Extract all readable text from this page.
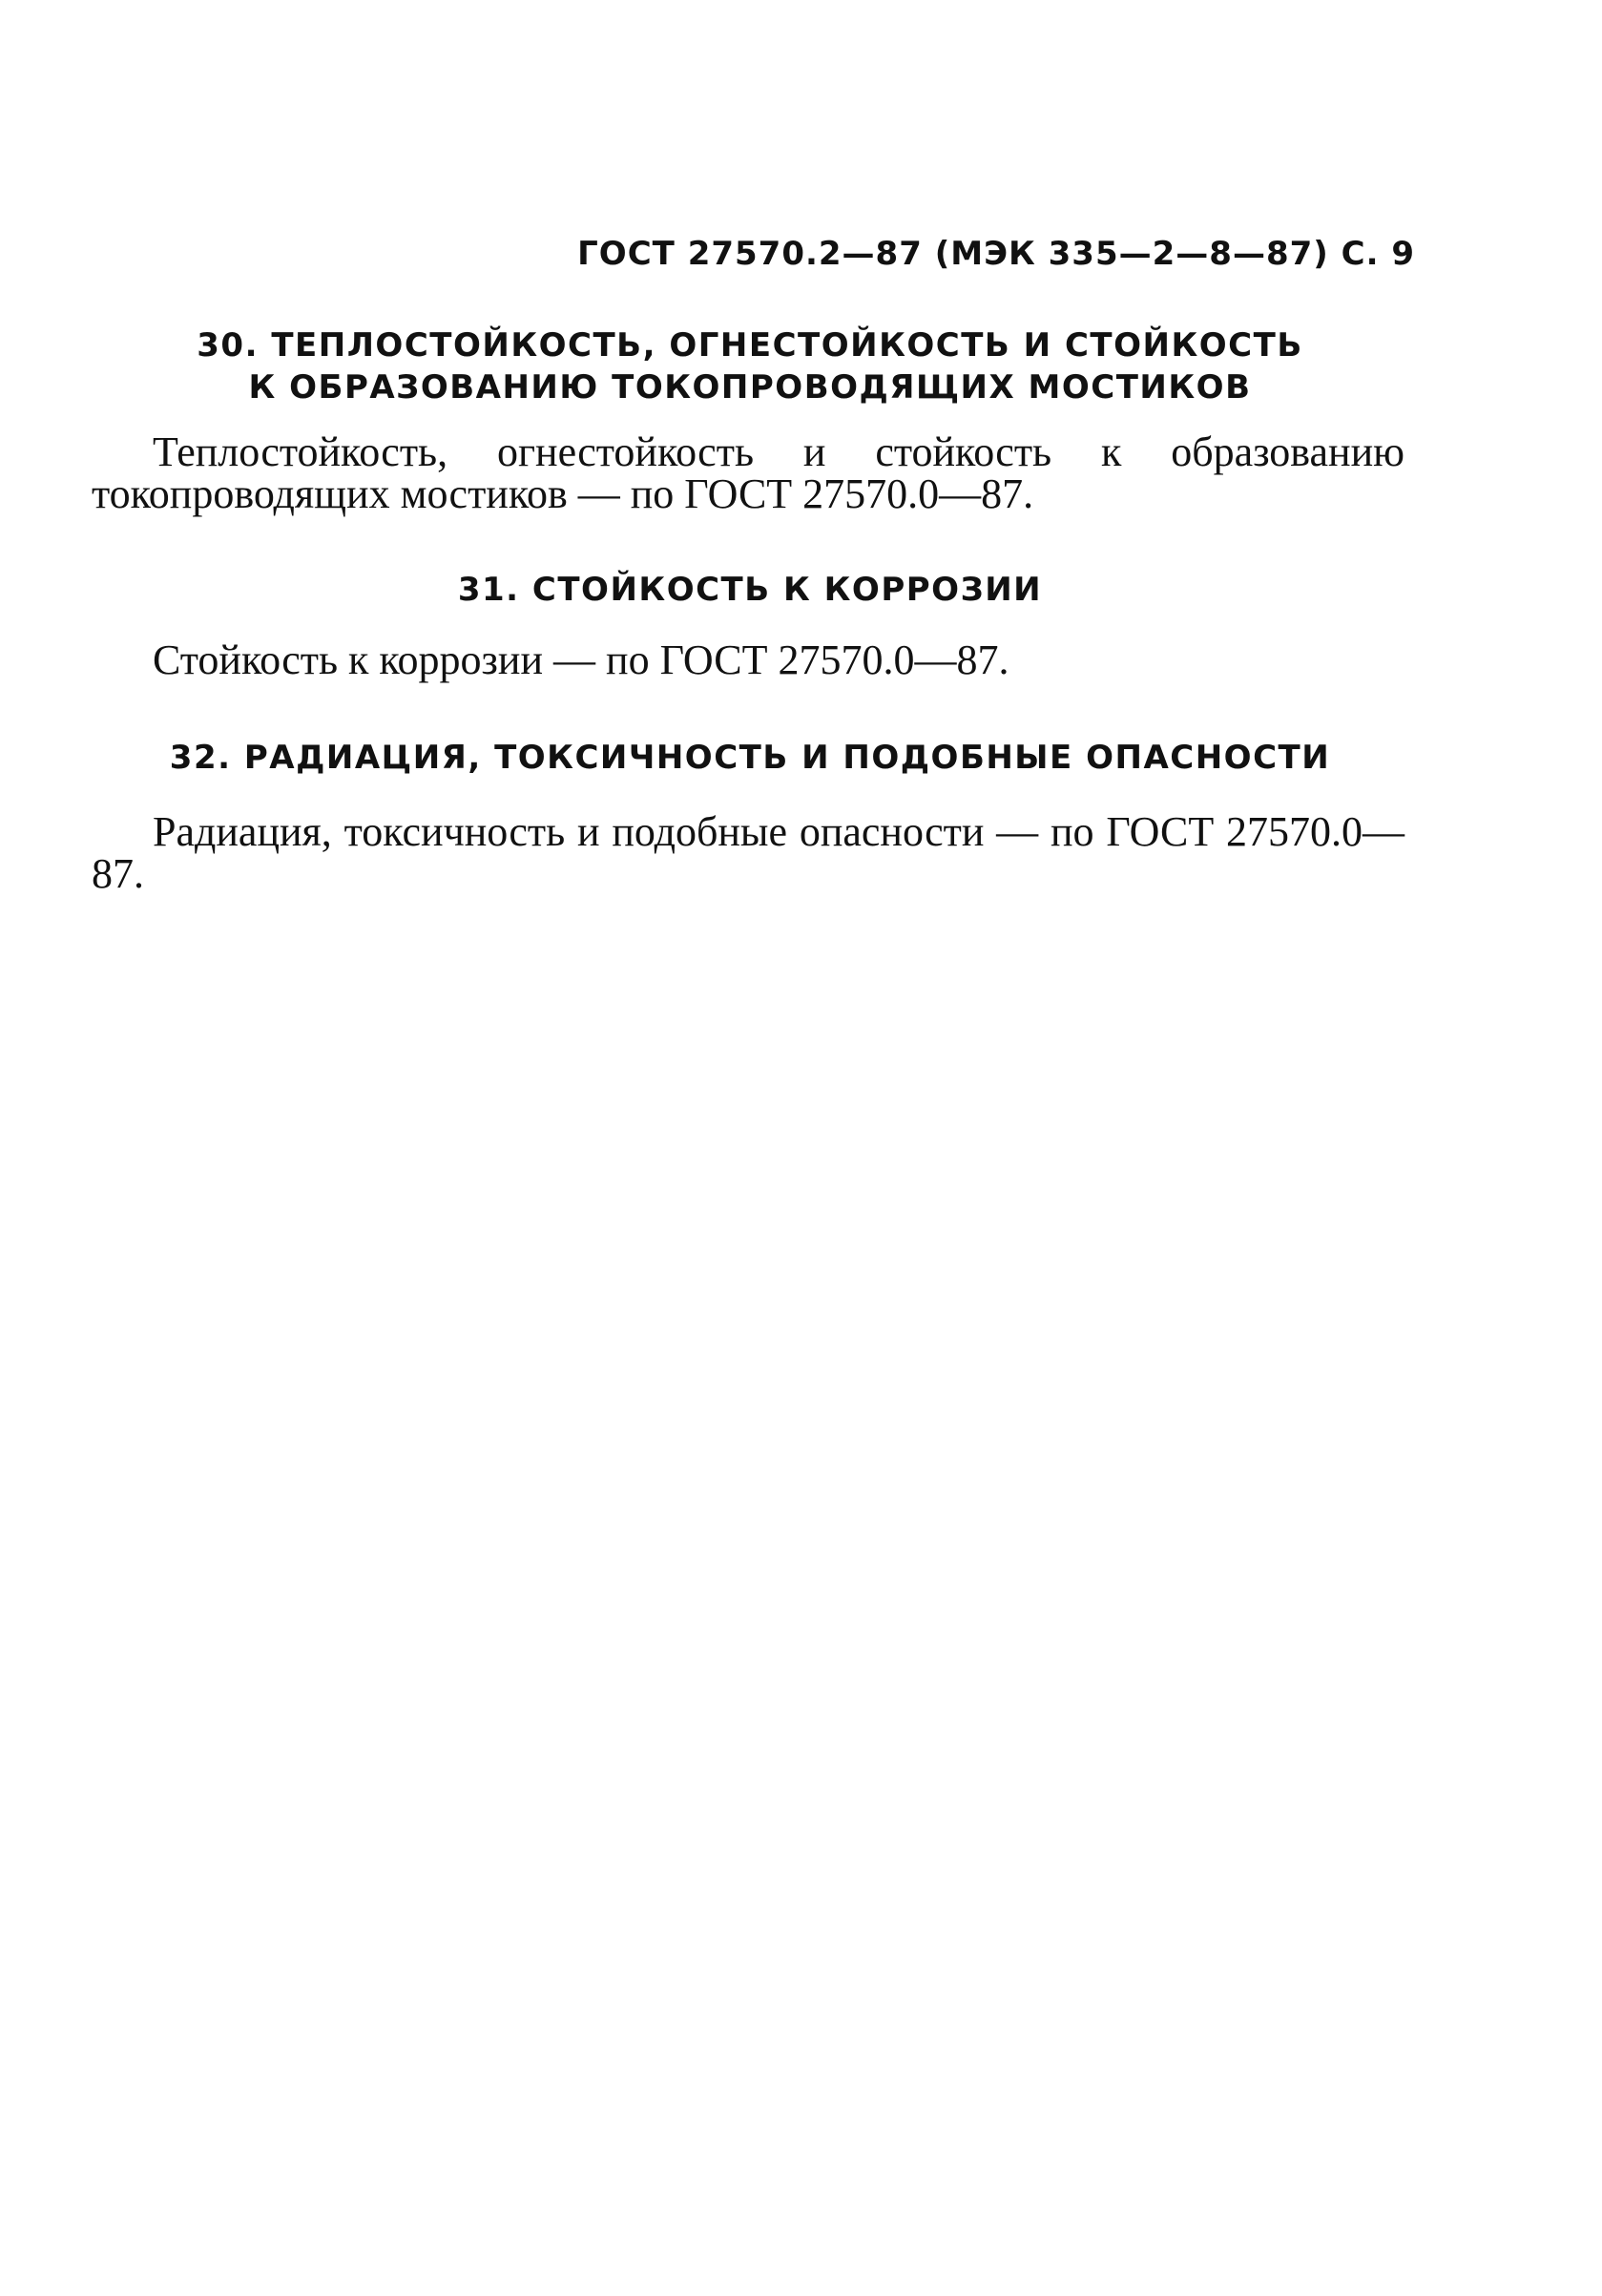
ГОСТ 27570.2—87 (МЭК 335—2—8—87) С. 9
30. ТЕПЛОСТОЙКОСТЬ, ОГНЕСТОЙКОСТЬ И СТОЙКОСТЬ
К ОБРАЗОВАНИЮ ТОКОПРОВОДЯЩИХ МОСТИКОВ
Теплостойкость, огнестойкость и стойкость к образованию токопроводящих мостиков — по ГОСТ 27570.0—87.
31. СТОЙКОСТЬ К КОРРОЗИИ
Стойкость к коррозии — по ГОСТ 27570.0—87.
32. РАДИАЦИЯ, ТОКСИЧНОСТЬ И ПОДОБНЫЕ ОПАСНОСТИ
Радиация, токсичность и подобные опасности — по ГОСТ 27570.0—87.
